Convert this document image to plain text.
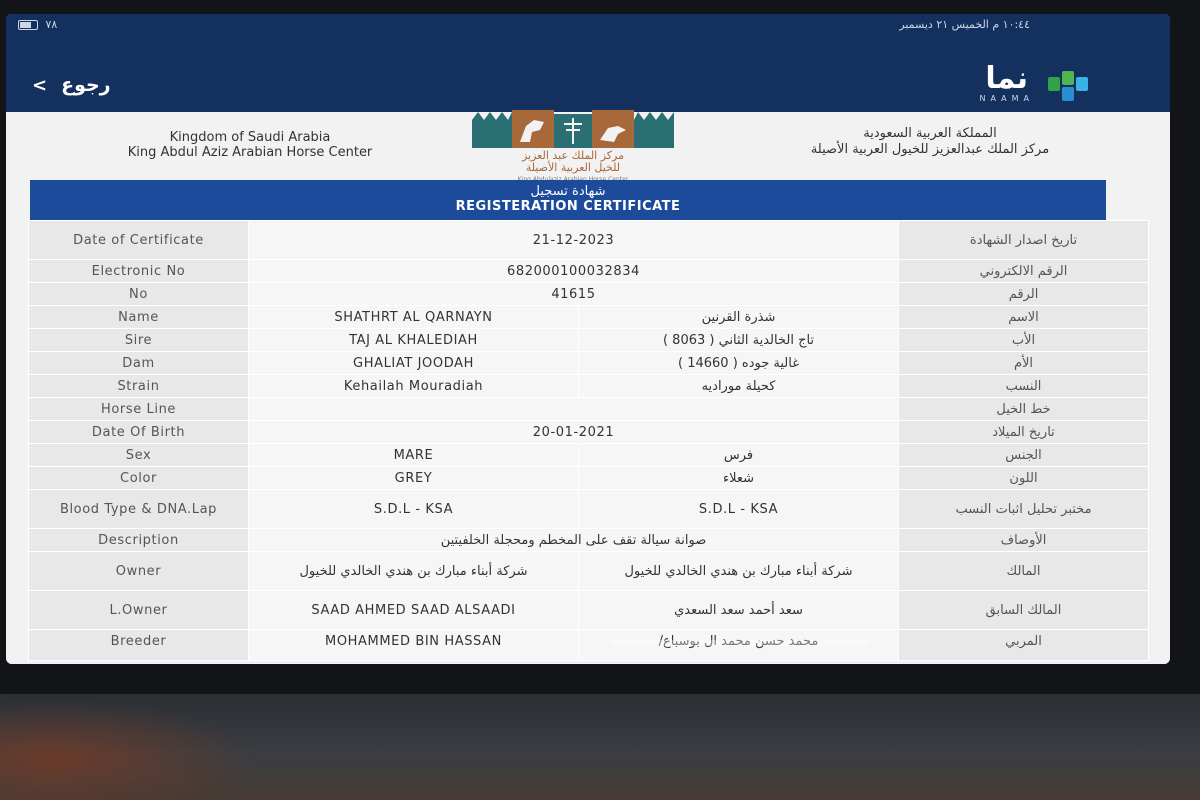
٧٨	١٠:٤٤ م الخميس ٢١ ديسمبر
< رجوع	نما
NAAMA
Kingdom of Saudi Arabia
King Abdul Aziz Arabian Horse Center	مركز الملك عبد العزيز
للخيل العربية الأصيلة
المملكة العربية السعودية
مركز الملك عبدالعزيز للخيول العربية الأصيلة
شهادة تسجيل
REGISTERATION CERTIFICATE
Date of Certificate	21-12-2023		تاريخ اصدار الشهادة
Electronic No	682000100032834		الرقم الالكتروني
No	41615		الرقم
Name	SHATHRT AL QARNAYN	شذرة القرنين	الاسم
Sire	TAJ AL KHALEDIAH	تاج الخالدية الثاني ( 8063 )	الأب
Dam	GHALIAT JOODAH	غالية جوده ( 14660 )	الأم
Strain	Kehailah Mouradiah	كحيلة موراديه	النسب
Horse Line			خط الخيل
Date Of Birth	20-01-2021		تاريخ الميلاد
Sex	MARE	فرس	الجنس
Color	GREY	شعلاء	اللون
Blood Type & DNA.Lap	S.D.L - KSA	S.D.L - KSA	مختبر تحليل اثبات النسب
Description	صوانة سيالة تقف على المخطم ومحجلة الخلفيتين		الأوصاف
Owner	شركة أبناء مبارك بن هندي الخالدي للخيول	شركة أبناء مبارك بن هندي الخالدي للخيول	المالك
L.Owner	SAAD AHMED SAAD ALSAADI	سعد أحمد سعد السعدي	المالك السابق
Breeder	MOHAMMED BIN HASSAN	محمد حسن محمد ال بوسباع/	المربي
